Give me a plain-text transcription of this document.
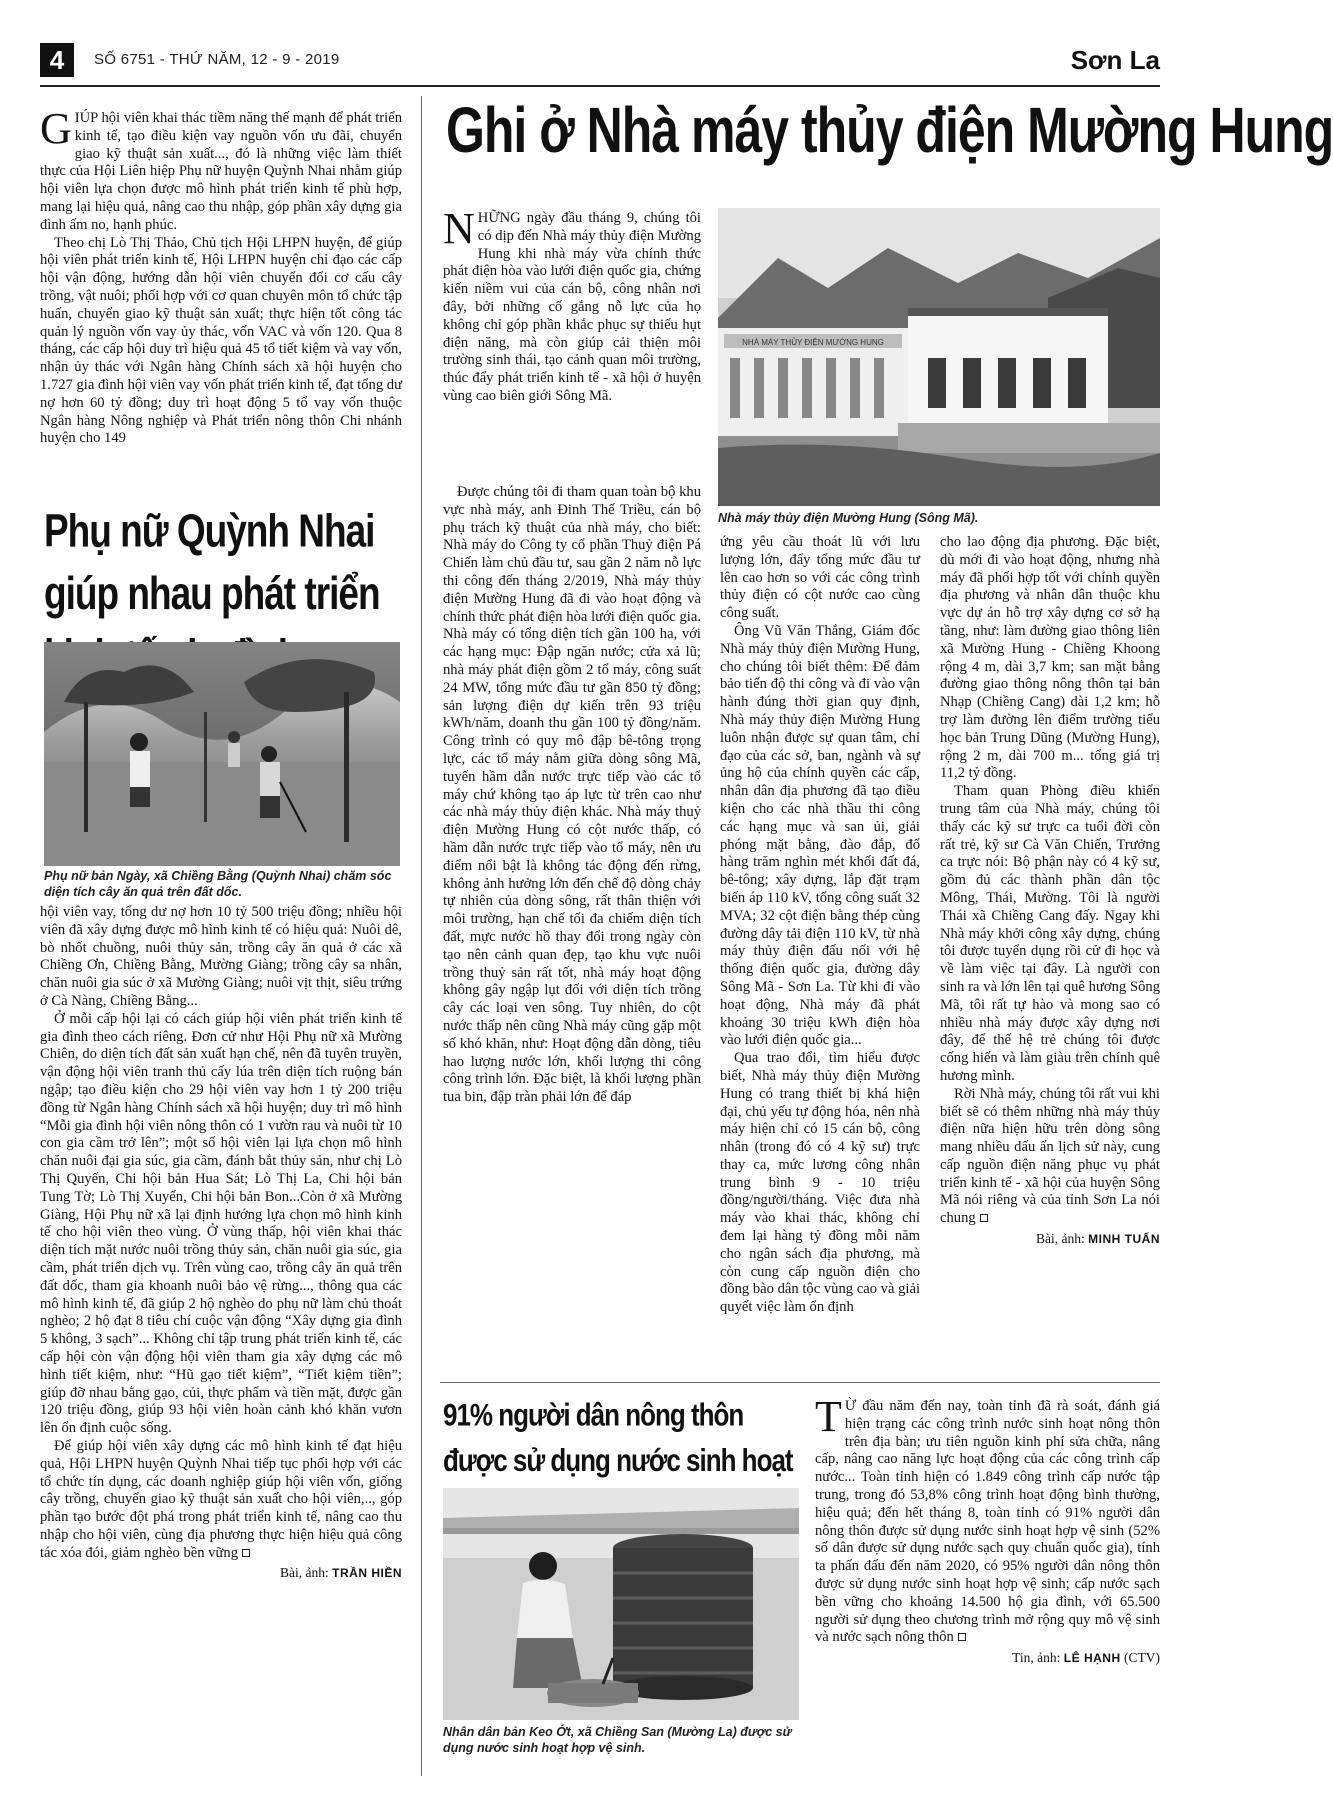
4	SỐ 6751 - THỨ NĂM, 12 - 9 - 2019	Sơn La

GIÚP hội viên khai thác tiềm năng thế mạnh để phát triển kinh tế, tạo điều kiện vay nguồn vốn ưu đãi, chuyển giao kỹ thuật sản xuất..., đó là những việc làm thiết thực của Hội Liên hiệp Phụ nữ huyện Quỳnh Nhai nhằm giúp hội viên lựa chọn được mô hình phát triển kinh tế phù hợp, mang lại hiệu quả, nâng cao thu nhập, góp phần xây dựng gia đình ấm no, hạnh phúc.

Theo chị Lò Thị Thảo, Chủ tịch Hội LHPN huyện, để giúp hội viên phát triển kinh tế, Hội LHPN huyện chỉ đạo các cấp hội vận động, hướng dẫn hội viên chuyển đổi cơ cấu cây trồng, vật nuôi; phối hợp với cơ quan chuyên môn tổ chức tập huấn, chuyển giao kỹ thuật sản xuất; thực hiện tốt công tác quản lý nguồn vốn vay ủy thác, vốn VAC và vốn 120. Qua 8 tháng, các cấp hội duy trì hiệu quả 45 tổ tiết kiệm và vay vốn, nhận ủy thác với Ngân hàng Chính sách xã hội huyện cho 1.727 gia đình hội viên vay vốn phát triển kinh tế, đạt tổng dư nợ hơn 60 tỷ đồng; duy trì hoạt động 5 tổ vay vốn thuộc Ngân hàng Nông nghiệp và Phát triển nông thôn Chi nhánh huyện cho 149

Phụ nữ Quỳnh Nhai giúp nhau phát triển
Phụ nữ bản Ngày, xã Chiềng Bằng (Quỳnh Nhai) chăm sóc diện tích cây ăn quả trên đất dốc.

hội viên vay, tổng dư nợ hơn 10 tỷ 500 triệu đồng; nhiều hội viên đã xây dựng được mô hình kinh tế có hiệu quả: Nuôi dê, bò nhốt chuồng, nuôi thủy sản, trồng cây ăn quả ở các xã Chiềng Ơn, Chiềng Bằng, Mường Giàng; trồng cây sa nhân, chăn nuôi gia súc ở xã Mường Giàng; nuôi vịt thịt, siêu trứng ở Cà Nàng, Chiềng Bằng...

Ở mỗi cấp hội lại có cách giúp hội viên phát triển kinh tế gia đình theo cách riêng. Đơn cử như Hội Phụ nữ xã Mường Chiên, do diện tích đất sản xuất hạn chế, nên đã tuyên truyền, vận động hội viên tranh thủ cấy lúa trên diện tích ruộng bán ngập; tạo điều kiện cho 29 hội viên vay hơn 1 tỷ 200 triệu đồng từ Ngân hàng Chính sách xã hội huyện; duy trì mô hình “Mỗi gia đình hội viên nông thôn có 1 vườn rau và nuôi từ 10 con gia cầm trở lên”; một số hội viên lại lựa chọn mô hình chăn nuôi đại gia súc, gia cầm, đánh bắt thủy sản, như chị Lò Thị Quyến, Chi hội bản Hua Sát; Lò Thị La, Chi hội bản Tung Tờ; Lò Thị Xuyến, Chi hội bản Bon...Còn ở xã Mường Giàng, Hội Phụ nữ xã lại định hướng lựa chọn mô hình kinh tế cho hội viên theo vùng. Ở vùng thấp, hội viên khai thác diện tích mặt nước nuôi trồng thủy sản, chăn nuôi gia súc, gia cầm, phát triển dịch vụ. Trên vùng cao, trồng cây ăn quả trên đất dốc, tham gia khoanh nuôi bảo vệ rừng..., thông qua các mô hình kinh tế, đã giúp 2 hộ nghèo do phụ nữ làm chủ thoát nghèo; 2 hộ đạt 8 tiêu chí cuộc vận động “Xây dựng gia đình 5 không, 3 sạch”... Không chỉ tập trung phát triển kinh tế, các cấp hội còn vận động hội viên tham gia xây dựng các mô hình tiết kiệm, như: “Hũ gạo tiết kiệm”, “Tiết kiệm tiền”; giúp đỡ nhau bằng gạo, củi, thực phẩm và tiền mặt, được gần 120 triệu đồng, giúp 93 hội viên hoàn cảnh khó khăn vươn lên ổn định cuộc sống.

Để giúp hội viên xây dựng các mô hình kinh tế đạt hiệu quả, Hội LHPN huyện Quỳnh Nhai tiếp tục phối hợp với các tổ chức tín dụng, các doanh nghiệp giúp hội viên vốn, giống cây trồng, chuyển giao kỹ thuật sản xuất cho hội viên,.., góp phần tạo bước đột phá trong phát triển kinh tế, nâng cao thu nhập cho hội viên, cùng địa phương thực hiện hiệu quả công tác xóa đói, giảm nghèo bền vững

Bài, ảnh: TRẦN HIỀN
Ghi ở Nhà máy thủy điện Mường Hung

NHỮNG ngày đầu tháng 9, chúng tôi có dịp đến Nhà máy thủy điện Mường Hung khi nhà máy vừa chính thức phát điện hòa vào lưới điện quốc gia, chứng kiến niềm vui của cán bộ, công nhân nơi đây, bởi những cố gắng nỗ lực của họ không chỉ góp phần khắc phục sự thiếu hụt điện năng, mà còn giúp cải thiện môi trường sinh thái, tạo cảnh quan môi trường, thúc đẩy phát triển kinh tế - xã hội ở huyện vùng cao biên giới Sông Mã.

NHÀ MÁY THỦY ĐIỆN MƯỜNG HUNG
Nhà máy thủy điện Mường Hung (Sông Mã).

Được chúng tôi đi tham quan toàn bộ khu vực nhà máy, anh Đinh Thế Triều, cán bộ phụ trách kỹ thuật của nhà máy, cho biết: Nhà máy do Công ty cổ phần Thuỷ điện Pá Chiến làm chủ đầu tư, sau gần 2 năm nỗ lực thi công đến tháng 2/2019, Nhà máy thủy điện Mường Hung đã đi vào hoạt động và chính thức phát điện hòa lưới điện quốc gia. Nhà máy có tổng diện tích gần 100 ha, với các hạng mục: Đập ngăn nước; cửa xả lũ; nhà máy phát điện gồm 2 tổ máy, công suất 24 MW, tổng mức đầu tư gần 850 tỷ đồng; sản lượng điện dự kiến trên 93 triệu kWh/năm, doanh thu gần 100 tỷ đồng/năm. Công trình có quy mô đập bê-tông trọng lực, các tổ máy nằm giữa dòng sông Mã, tuyến hầm dẫn nước trực tiếp vào các tổ máy chứ không tạo áp lực từ trên cao như các nhà máy thủy điện khác. Nhà máy thuỷ điện Mường Hung có cột nước thấp, có hầm dẫn nước trực tiếp vào tổ máy, nên ưu điểm nổi bật là không tác động đến rừng, không ảnh hưởng lớn đến chế độ dòng chảy tự nhiên của dòng sông, rất thân thiện với môi trường, hạn chế tối đa chiếm diện tích đất, mực nước hồ thay đổi trong ngày còn tạo nên cảnh quan đẹp, tạo khu vực nuôi trồng thuỷ sản rất tốt, nhà máy hoạt động không gây ngập lụt đối với diện tích trồng cây các loại ven sông. Tuy nhiên, do cột nước thấp nên cũng Nhà máy cũng gặp một số khó khăn, như: Hoạt động dẫn dòng, tiêu hao lượng nước lớn, khối lượng thi công công trình lớn. Đặc biệt, là khối lượng phần tua bin, đập tràn phải lớn để đáp

ứng yêu cầu thoát lũ với lưu lượng lớn, đẩy tổng mức đầu tư lên cao hơn so với các công trình thủy điện có cột nước cao cùng công suất.

Ông Vũ Văn Thắng, Giám đốc Nhà máy thủy điện Mường Hung, cho chúng tôi biết thêm: Để đảm bảo tiến độ thi công và đi vào vận hành đúng thời gian quy định, Nhà máy thủy điện Mường Hung luôn nhận được sự quan tâm, chỉ đạo của các sở, ban, ngành và sự ủng hộ của chính quyền các cấp, nhân dân địa phương đã tạo điều kiện cho các nhà thầu thi công các hạng mục và san ủi, giải phóng mặt bằng, đào đắp, đổ hàng trăm nghìn mét khối đất đá, bê-tông; xây dựng, lắp đặt trạm biến áp 110 kV, tổng công suất 32 MVA; 32 cột điện bằng thép cùng đường dây tải điện 110 kV, từ nhà máy thủy điện đấu nối với hệ thống điện quốc gia, đường dây Sông Mã - Sơn La. Từ khi đi vào hoạt động, Nhà máy đã phát khoảng 30 triệu kWh điện hòa vào lưới điện quốc gia...

Qua trao đổi, tìm hiểu được biết, Nhà máy thủy điện Mường Hung có trang thiết bị khá hiện đại, chủ yếu tự động hóa, nên nhà máy hiện chỉ có 15 cán bộ, công nhân (trong đó có 4 kỹ sư) trực thay ca, mức lương công nhân trung bình 9 - 10 triệu đồng/người/tháng. Việc đưa nhà máy vào khai thác, không chỉ đem lại hàng tỷ đồng mỗi năm cho ngân sách địa phương, mà còn cung cấp nguồn điện cho đồng bào dân tộc vùng cao và giải quyết việc làm ổn định

cho lao động địa phương. Đặc biệt, dù mới đi vào hoạt động, nhưng nhà máy đã phối hợp tốt với chính quyền địa phương và nhân dân thuộc khu vực dự án hỗ trợ xây dựng cơ sở hạ tầng, như: làm đường giao thông liên xã Mường Hung - Chiềng Khoong rộng 4 m, dài 3,7 km; san mặt bằng đường giao thông nông thôn tại bản Nhạp (Chiềng Cang) dài 1,2 km; hỗ trợ làm đường lên điểm trường tiểu học bản Trung Dũng (Mường Hung), rộng 2 m, dài 700 m... tổng giá trị 11,2 tỷ đồng.

Tham quan Phòng điều khiển trung tâm của Nhà máy, chúng tôi thấy các kỹ sư trực ca tuổi đời còn rất trẻ, kỹ sư Cà Văn Chiến, Trưởng ca trực nói: Bộ phận này có 4 kỹ sư, gồm đủ các thành phần dân tộc Mông, Thái, Mường. Tôi là người Thái xã Chiềng Cang đấy. Ngay khi Nhà máy khởi công xây dựng, chúng tôi được tuyển dụng rồi cử đi học và về làm việc tại đây. Là người con sinh ra và lớn lên tại quê hương Sông Mã, tôi rất tự hào và mong sao có nhiều nhà máy được xây dựng nơi đây, để thế hệ trẻ chúng tôi được cống hiến và làm giàu trên chính quê hương mình.

Rời Nhà máy, chúng tôi rất vui khi biết sẽ có thêm những nhà máy thủy điện nữa hiện hữu trên dòng sông mang nhiều dấu ấn lịch sử này, cung cấp nguồn điện năng phục vụ phát triển kinh tế - xã hội của huyện Sông Mã nói riêng và của tỉnh Sơn La nói chung

Bài, ảnh: MINH TUẤN
91% người dân nông thôn được sử dụng nước sinh hoạt
Nhân dân bản Keo Ớt, xã Chiềng San (Mường La) được sử dụng nước sinh hoạt hợp vệ sinh.

T Ừ đầu năm đến nay, toàn tỉnh đã rà soát, đánh giá hiện trạng các công trình nước sinh hoạt nông thôn trên địa bàn; ưu tiên nguồn kinh phí sửa chữa, nâng cấp, nâng cao năng lực hoạt động của các công trình cấp nước... Toàn tỉnh hiện có 1.849 công trình cấp nước tập trung, trong đó 53,8% công trình hoạt động bình thường, hiệu quả; đến hết tháng 8, toàn tỉnh có 91% người dân nông thôn được sử dụng nước sinh hoạt hợp vệ sinh (52% số dân được sử dụng nước sạch quy chuẩn quốc gia), tính ta phấn đấu đến năm 2020, có 95% người dân nông thôn được sử dụng nước sinh hoạt hợp vệ sinh; cấp nước sạch bền vững cho khoảng 14.500 hộ gia đình, với 65.500 người sử dụng theo chương trình mở rộng quy mô vệ sinh và nước sạch nông thôn

Tin, ảnh: LÊ HẠNH (CTV)
